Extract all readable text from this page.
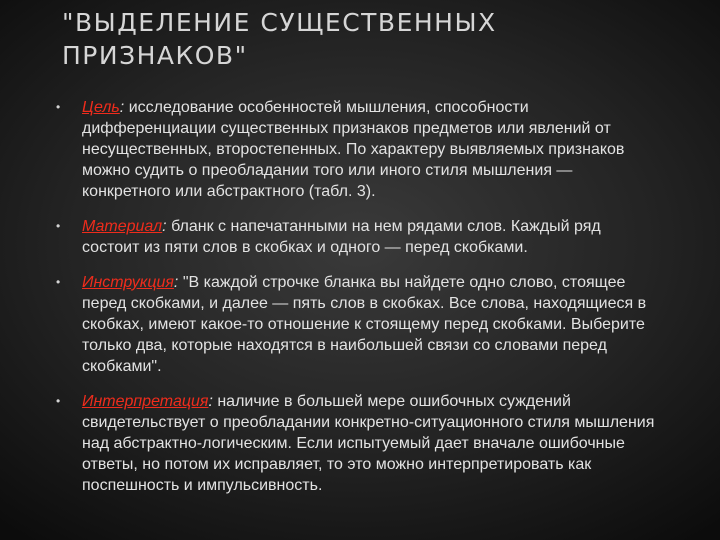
"ВЫДЕЛЕНИЕ СУЩЕСТВЕННЫХ ПРИЗНАКОВ"
• Цель: исследование особенностей мышления, способности дифференциации существенных признаков предметов или явлений от несущественных, второстепенных. По характеру выявляемых признаков можно судить о преобладании того или иного стиля мышления — конкретного или абстрактного (табл. 3).
• Материал: бланк с напечатанными на нем рядами слов. Каждый ряд состоит из пяти слов в скобках и одного — перед скобками.
• Инструкция: "В каждой строчке бланка вы найдете одно слово, стоящее перед скобками, и далее — пять слов в скобках. Все слова, находящиеся в скобках, имеют какое-то отношение к стоящему перед скобками. Выберите только два, которые находятся в наибольшей связи со словами перед скобками".
• Интерпретация: наличие в большей мере ошибочных суждений свидетельствует о преобладании конкретно-ситуационного стиля мышления над абстрактно-логическим. Если испытуемый дает вначале ошибочные ответы, но потом их исправляет, то это можно интерпретировать как поспешность и импульсивность.
